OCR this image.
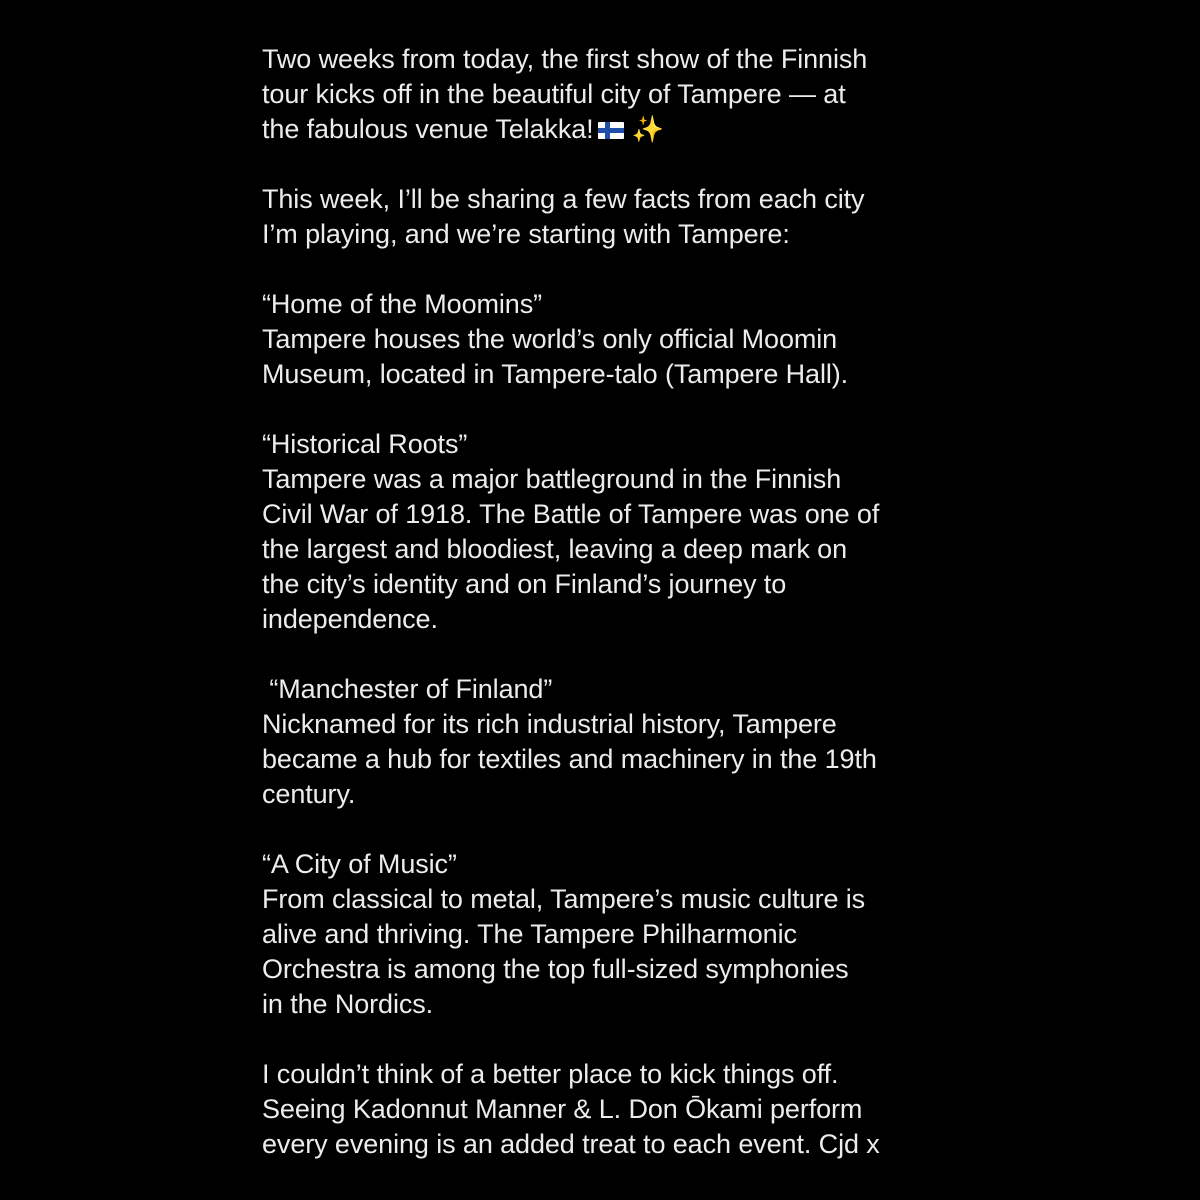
Two weeks from today, the first show of the Finnish
tour kicks off in the beautiful city of Tampere — at
the fabulous venue Telakka! ✨
This week, I’ll be sharing a few facts from each city
I’m playing, and we’re starting with Tampere:
“Home of the Moomins”
Tampere houses the world’s only official Moomin
Museum, located in Tampere-talo (Tampere Hall).
“Historical Roots”
Tampere was a major battleground in the Finnish
Civil War of 1918. The Battle of Tampere was one of
the largest and bloodiest, leaving a deep mark on
the city’s identity and on Finland’s journey to
independence.
“Manchester of Finland”
Nicknamed for its rich industrial history, Tampere
became a hub for textiles and machinery in the 19th
century.
“A City of Music”
From classical to metal, Tampere’s music culture is
alive and thriving. The Tampere Philharmonic
Orchestra is among the top full-sized symphonies
in the Nordics.
I couldn’t think of a better place to kick things off.
Seeing Kadonnut Manner & L. Don Ōkami perform
every evening is an added treat to each event. Cjd x
